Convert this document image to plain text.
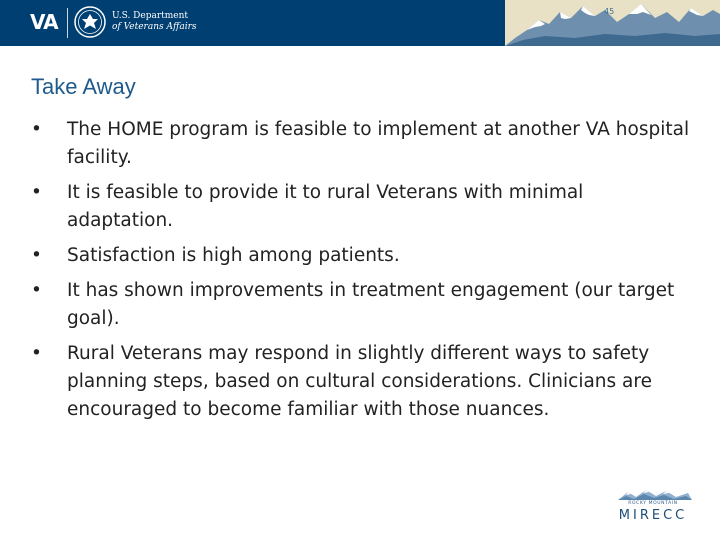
VA	U.S. Department
of Veterans Affairs
45
Take Away
• The HOME program is feasible to implement at another VA hospital facility.
• It is feasible to provide it to rural Veterans with minimal adaptation.
• Satisfaction is high among patients.
• It has shown improvements in treatment engagement (our target goal).
• Rural Veterans may respond in slightly different ways to safety planning steps, based on cultural considerations. Clinicians are encouraged to become familiar with those nuances.
ROCKY MOUNTAIN
MIRECC
